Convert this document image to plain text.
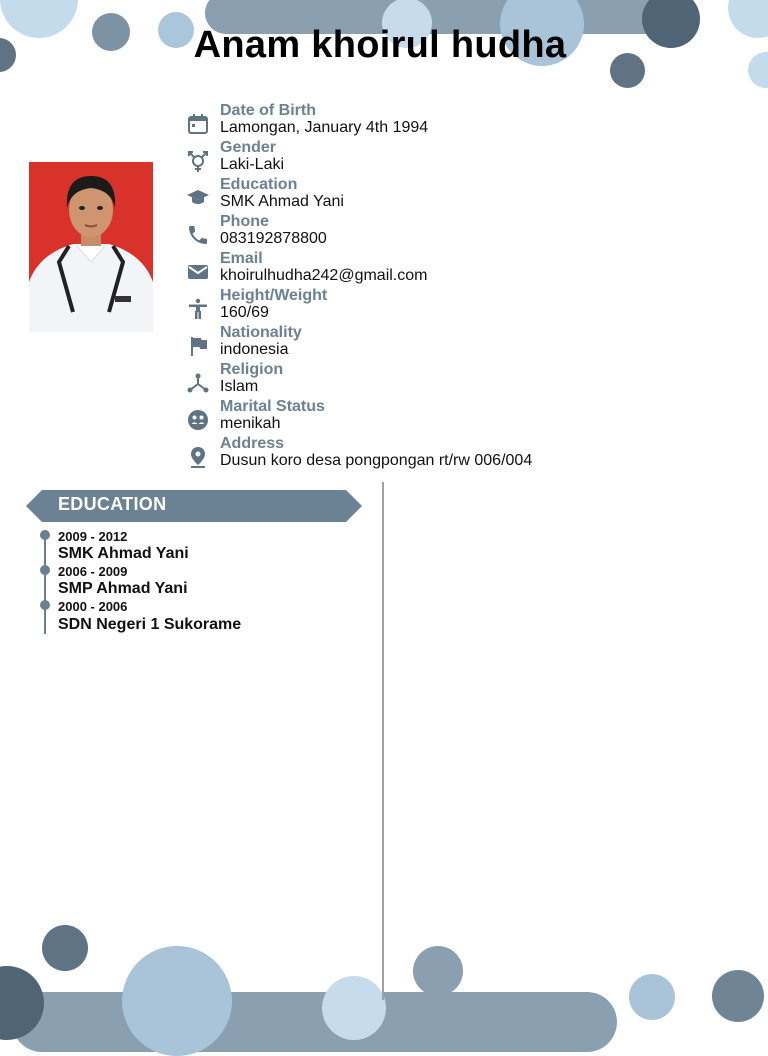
Anam khoirul hudha
Date of Birth
Lamongan, January 4th 1994
Gender
Laki-Laki
Education
SMK Ahmad Yani
Phone
083192878800
Email
khoirulhudha242@gmail.com
Height/Weight
160/69
Nationality
indonesia
Religion
Islam
Marital Status
menikah
Address
Dusun koro desa pongpongan rt/rw 006/004
EDUCATION
2009 - 2012
SMK Ahmad Yani
2006 - 2009
SMP Ahmad Yani
2000 - 2006
SDN Negeri 1 Sukorame
